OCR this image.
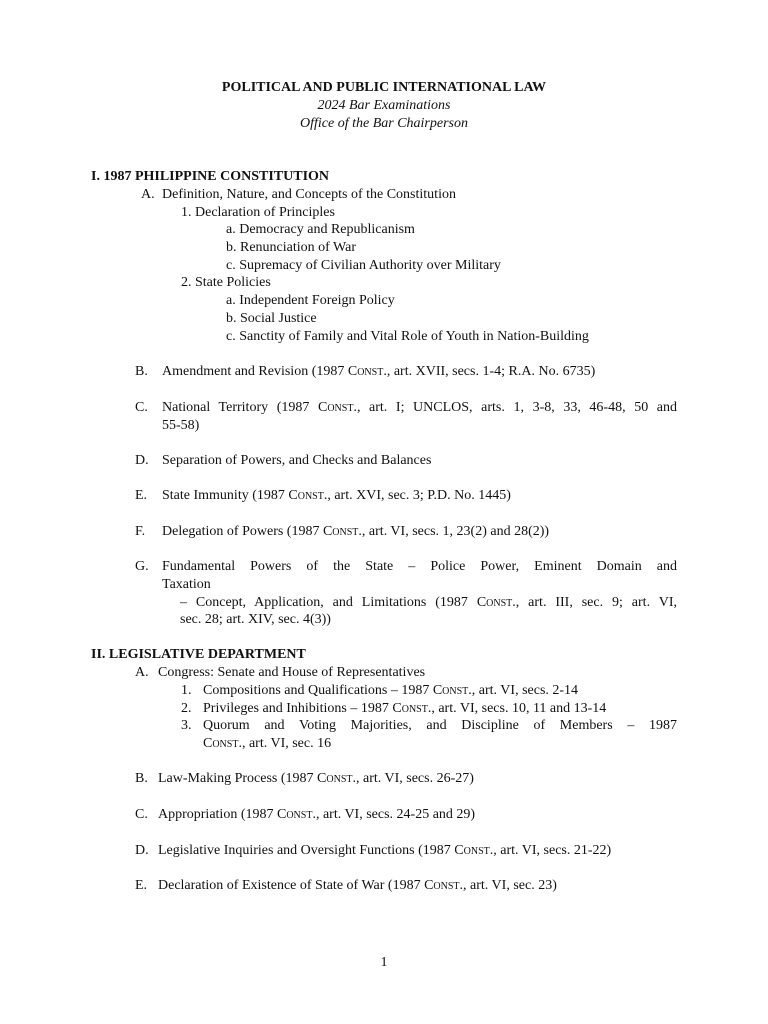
POLITICAL AND PUBLIC INTERNATIONAL LAW
2024 Bar Examinations
Office of the Bar Chairperson
I. 1987 PHILIPPINE CONSTITUTION
A. Definition, Nature, and Concepts of the Constitution
1. Declaration of Principles
a. Democracy and Republicanism
b. Renunciation of War
c. Supremacy of Civilian Authority over Military
2. State Policies
a. Independent Foreign Policy
b. Social Justice
c. Sanctity of Family and Vital Role of Youth in Nation-Building
B. Amendment and Revision (1987 Const., art. XVII, secs. 1-4; R.A. No. 6735)
C. National Territory (1987 Const., art. I; UNCLOS, arts. 1, 3-8, 33, 46-48, 50 and
55-58)
D. Separation of Powers, and Checks and Balances
E. State Immunity (1987 Const., art. XVI, sec. 3; P.D. No. 1445)
F. Delegation of Powers (1987 Const., art. VI, secs. 1, 23(2) and 28(2))
G. Fundamental Powers of the State – Police Power, Eminent Domain and
Taxation
– Concept, Application, and Limitations (1987 Const., art. III, sec. 9; art. VI,
sec. 28; art. XIV, sec. 4(3))
II. LEGISLATIVE DEPARTMENT
A. Congress: Senate and House of Representatives
1. Compositions and Qualifications – 1987 Const., art. VI, secs. 2-14
2. Privileges and Inhibitions – 1987 Const., art. VI, secs. 10, 11 and 13-14
3. Quorum and Voting Majorities, and Discipline of Members – 1987
Const., art. VI, sec. 16
B. Law-Making Process (1987 Const., art. VI, secs. 26-27)
C. Appropriation (1987 Const., art. VI, secs. 24-25 and 29)
D. Legislative Inquiries and Oversight Functions (1987 Const., art. VI, secs. 21-22)
E. Declaration of Existence of State of War (1987 Const., art. VI, sec. 23)
1
